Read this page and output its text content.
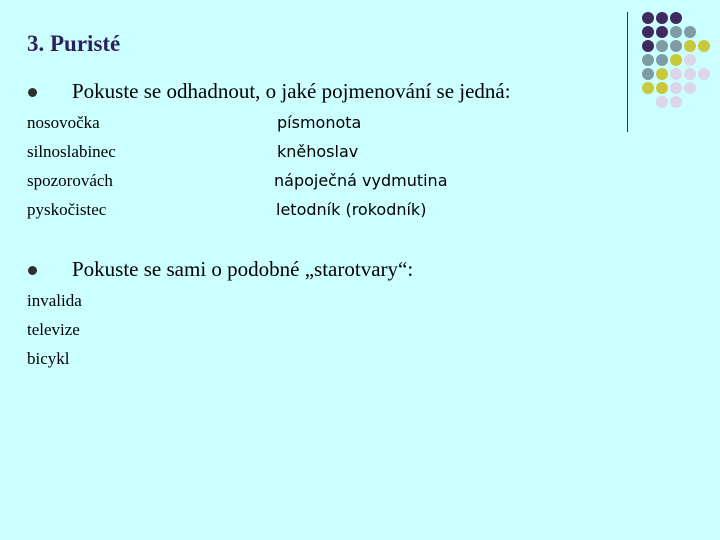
3. Puristé
Pokuste se odhadnout, o jaké pojmenování se jedná:
nosovočka
silnoslabinec
spozorovách
pyskočistec
písmonota
kněhoslav
nápoječná vydmutina
letodník (rokodník)
Pokuste se sami o podobné „starotvary“:
invalida
televize
bicykl
